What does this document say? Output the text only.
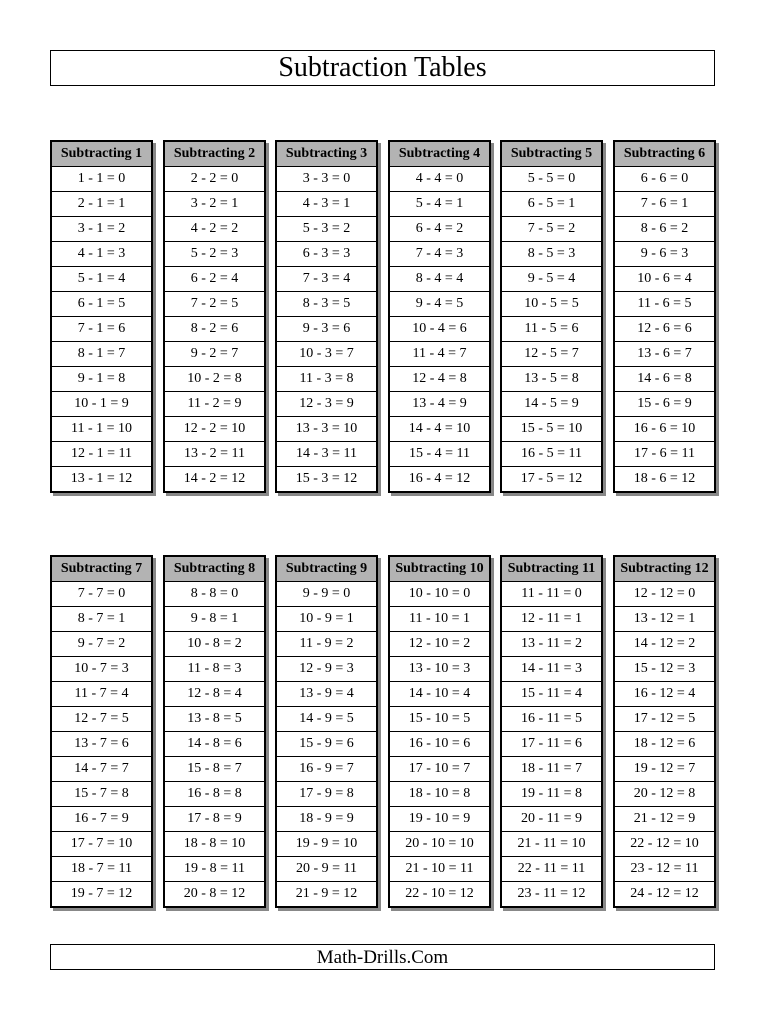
Subtraction Tables
Subtracting 1
1 - 1 = 0
2 - 1 = 1
3 - 1 = 2
4 - 1 = 3
5 - 1 = 4
6 - 1 = 5
7 - 1 = 6
8 - 1 = 7
9 - 1 = 8
10 - 1 = 9
11 - 1 = 10
12 - 1 = 11
13 - 1 = 12
Subtracting 2
2 - 2 = 0
3 - 2 = 1
4 - 2 = 2
5 - 2 = 3
6 - 2 = 4
7 - 2 = 5
8 - 2 = 6
9 - 2 = 7
10 - 2 = 8
11 - 2 = 9
12 - 2 = 10
13 - 2 = 11
14 - 2 = 12
Subtracting 3
3 - 3 = 0
4 - 3 = 1
5 - 3 = 2
6 - 3 = 3
7 - 3 = 4
8 - 3 = 5
9 - 3 = 6
10 - 3 = 7
11 - 3 = 8
12 - 3 = 9
13 - 3 = 10
14 - 3 = 11
15 - 3 = 12
Subtracting 4
4 - 4 = 0
5 - 4 = 1
6 - 4 = 2
7 - 4 = 3
8 - 4 = 4
9 - 4 = 5
10 - 4 = 6
11 - 4 = 7
12 - 4 = 8
13 - 4 = 9
14 - 4 = 10
15 - 4 = 11
16 - 4 = 12
Subtracting 5
5 - 5 = 0
6 - 5 = 1
7 - 5 = 2
8 - 5 = 3
9 - 5 = 4
10 - 5 = 5
11 - 5 = 6
12 - 5 = 7
13 - 5 = 8
14 - 5 = 9
15 - 5 = 10
16 - 5 = 11
17 - 5 = 12
Subtracting 6
6 - 6 = 0
7 - 6 = 1
8 - 6 = 2
9 - 6 = 3
10 - 6 = 4
11 - 6 = 5
12 - 6 = 6
13 - 6 = 7
14 - 6 = 8
15 - 6 = 9
16 - 6 = 10
17 - 6 = 11
18 - 6 = 12
Subtracting 7
7 - 7 = 0
8 - 7 = 1
9 - 7 = 2
10 - 7 = 3
11 - 7 = 4
12 - 7 = 5
13 - 7 = 6
14 - 7 = 7
15 - 7 = 8
16 - 7 = 9
17 - 7 = 10
18 - 7 = 11
19 - 7 = 12
Subtracting 8
8 - 8 = 0
9 - 8 = 1
10 - 8 = 2
11 - 8 = 3
12 - 8 = 4
13 - 8 = 5
14 - 8 = 6
15 - 8 = 7
16 - 8 = 8
17 - 8 = 9
18 - 8 = 10
19 - 8 = 11
20 - 8 = 12
Subtracting 9
9 - 9 = 0
10 - 9 = 1
11 - 9 = 2
12 - 9 = 3
13 - 9 = 4
14 - 9 = 5
15 - 9 = 6
16 - 9 = 7
17 - 9 = 8
18 - 9 = 9
19 - 9 = 10
20 - 9 = 11
21 - 9 = 12
Subtracting 10
10 - 10 = 0
11 - 10 = 1
12 - 10 = 2
13 - 10 = 3
14 - 10 = 4
15 - 10 = 5
16 - 10 = 6
17 - 10 = 7
18 - 10 = 8
19 - 10 = 9
20 - 10 = 10
21 - 10 = 11
22 - 10 = 12
Subtracting 11
11 - 11 = 0
12 - 11 = 1
13 - 11 = 2
14 - 11 = 3
15 - 11 = 4
16 - 11 = 5
17 - 11 = 6
18 - 11 = 7
19 - 11 = 8
20 - 11 = 9
21 - 11 = 10
22 - 11 = 11
23 - 11 = 12
Subtracting 12
12 - 12 = 0
13 - 12 = 1
14 - 12 = 2
15 - 12 = 3
16 - 12 = 4
17 - 12 = 5
18 - 12 = 6
19 - 12 = 7
20 - 12 = 8
21 - 12 = 9
22 - 12 = 10
23 - 12 = 11
24 - 12 = 12
Math-Drills.Com
